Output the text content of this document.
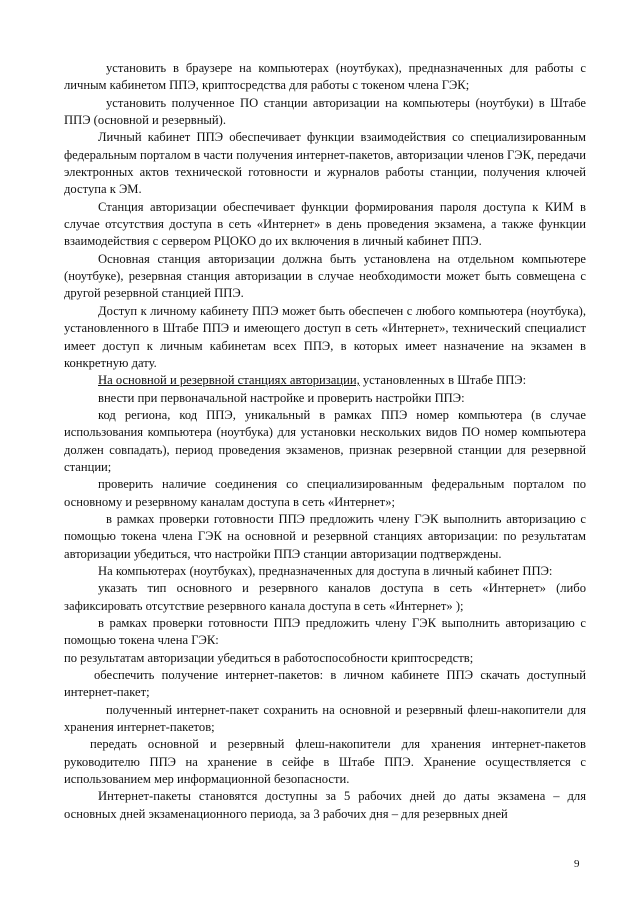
установить в браузере на компьютерах (ноутбуках), предназначенных для работы с личным кабинетом ППЭ, криптосредства для работы с токеном члена ГЭК;

установить полученное ПО станции авторизации на компьютеры (ноутбуки) в Штабе ППЭ (основной и резервный).

Личный кабинет ППЭ обеспечивает функции взаимодействия со специализированным федеральным порталом в части получения интернет-пакетов, авторизации членов ГЭК, передачи электронных актов технической готовности и журналов работы станции, получения ключей доступа к ЭМ.

Станция авторизации обеспечивает функции формирования пароля доступа к КИМ в случае отсутствия доступа в сеть «Интернет» в день проведения экзамена, а также функции взаимодействия с сервером РЦОКО до их включения в личный кабинет ППЭ.

Основная станция авторизации должна быть установлена на отдельном компьютере (ноутбуке), резервная станция авторизации в случае необходимости может быть совмещена с другой резервной станцией ППЭ.

Доступ к личному кабинету ППЭ может быть обеспечен с любого компьютера (ноутбука), установленного в Штабе ППЭ и имеющего доступ в сеть «Интернет», технический специалист имеет доступ к личным кабинетам всех ППЭ, в которых имеет назначение на экзамен в конкретную дату.

На основной и резервной станциях авторизации, установленных в Штабе ППЭ:

внести при первоначальной настройке и проверить настройки ППЭ:

код региона, код ППЭ, уникальный в рамках ППЭ номер компьютера (в случае использования компьютера (ноутбука) для установки нескольких видов ПО номер компьютера должен совпадать), период проведения экзаменов, признак резервной станции для резервной станции;

проверить наличие соединения со специализированным федеральным порталом по основному и резервному каналам доступа в сеть «Интернет»;

в рамках проверки готовности ППЭ предложить члену ГЭК выполнить авторизацию с помощью токена члена ГЭК на основной и резервной станциях авторизации: по результатам авторизации убедиться, что настройки ППЭ станции авторизации подтверждены.

На компьютерах (ноутбуках), предназначенных для доступа в личный кабинет ППЭ:

указать тип основного и резервного каналов доступа в сеть «Интернет» (либо зафиксировать отсутствие резервного канала доступа в сеть «Интернет» );

в рамках проверки готовности ППЭ предложить члену ГЭК выполнить авторизацию с помощью токена члена ГЭК:

по результатам авторизации убедиться в работоспособности криптосредств;

обеспечить получение интернет-пакетов: в личном кабинете ППЭ скачать доступный интернет-пакет;

полученный интернет-пакет сохранить на основной и резервный флеш-накопители для хранения интернет-пакетов;

передать основной и резервный флеш-накопители для хранения интернет-пакетов руководителю ППЭ на хранение в сейфе в Штабе ППЭ. Хранение осуществляется с использованием мер информационной безопасности.

Интернет-пакеты становятся доступны за 5 рабочих дней до даты экзамена – для основных дней экзаменационного периода, за 3 рабочих дня – для резервных дней

9
